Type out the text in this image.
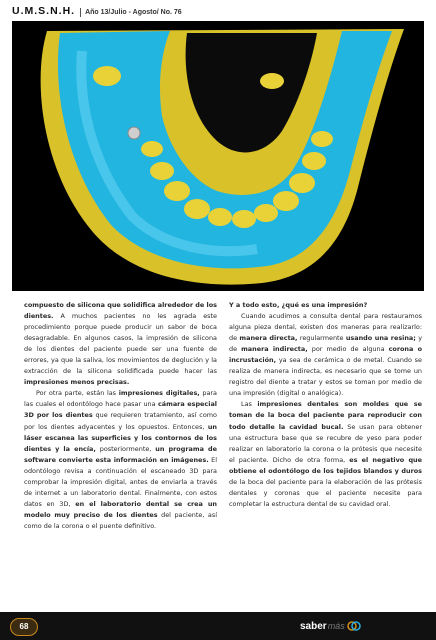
U.M.S.N.H. Año 13/Julio - Agosto/ No. 76

compuesto de silicona que solidifica alrededor de los dientes. A muchos pacientes no les agrada este procedimiento porque puede producir un sabor de boca desagradable. En algunos casos, la impresión de silicona de los dientes del paciente puede ser una fuente de errores, ya que la saliva, los movimientos de deglución y la extracción de la silicona solidificada puede hacer las impresiones menos precisas.

Por otra parte, están las impresiones digitales, para las cuales el odontólogo hace pasar una cámara especial 3D por los dientes que requieren tratamiento, así como por los dientes adyacentes y los opuestos. Entonces, un láser escanea las superficies y los contornos de los dientes y la encía, posteriormente, un programa de software convierte esta información en imágenes. El odontólogo revisa a continuación el escaneado 3D para comprobar la impresión digital, antes de enviarla a través de internet a un laboratorio dental. Finalmente, con estos datos en 3D, en el laboratorio dental se crea un modelo muy preciso de los dientes del paciente, así como de la corona o el puente definitivo.

Y a todo esto, ¿qué es una impresión?

Cuando acudimos a consulta dental para restauramos alguna pieza dental, existen dos maneras para realizarlo: de manera directa, regularmente usando una resina; y de manera indirecta, por medio de alguna corona o incrustación, ya sea de cerámica o de metal. Cuando se realiza de manera indirecta, es necesario que se tome un registro del diente a tratar y estos se toman por medio de una impresión (digital o analógica).

Las impresiones dentales son moldes que se toman de la boca del paciente para reproducir con todo detalle la cavidad bucal. Se usan para obtener una estructura base que se recubre de yeso para poder realizar en laboratorio la corona o la prótesis que necesite el paciente. Dicho de otra forma, es el negativo que obtiene el odontólogo de los tejidos blandos y duros de la boca del paciente para la elaboración de las prótesis dentales y coronas que el paciente necesite para completar la estructura dental de su cavidad oral.

68	saber más
